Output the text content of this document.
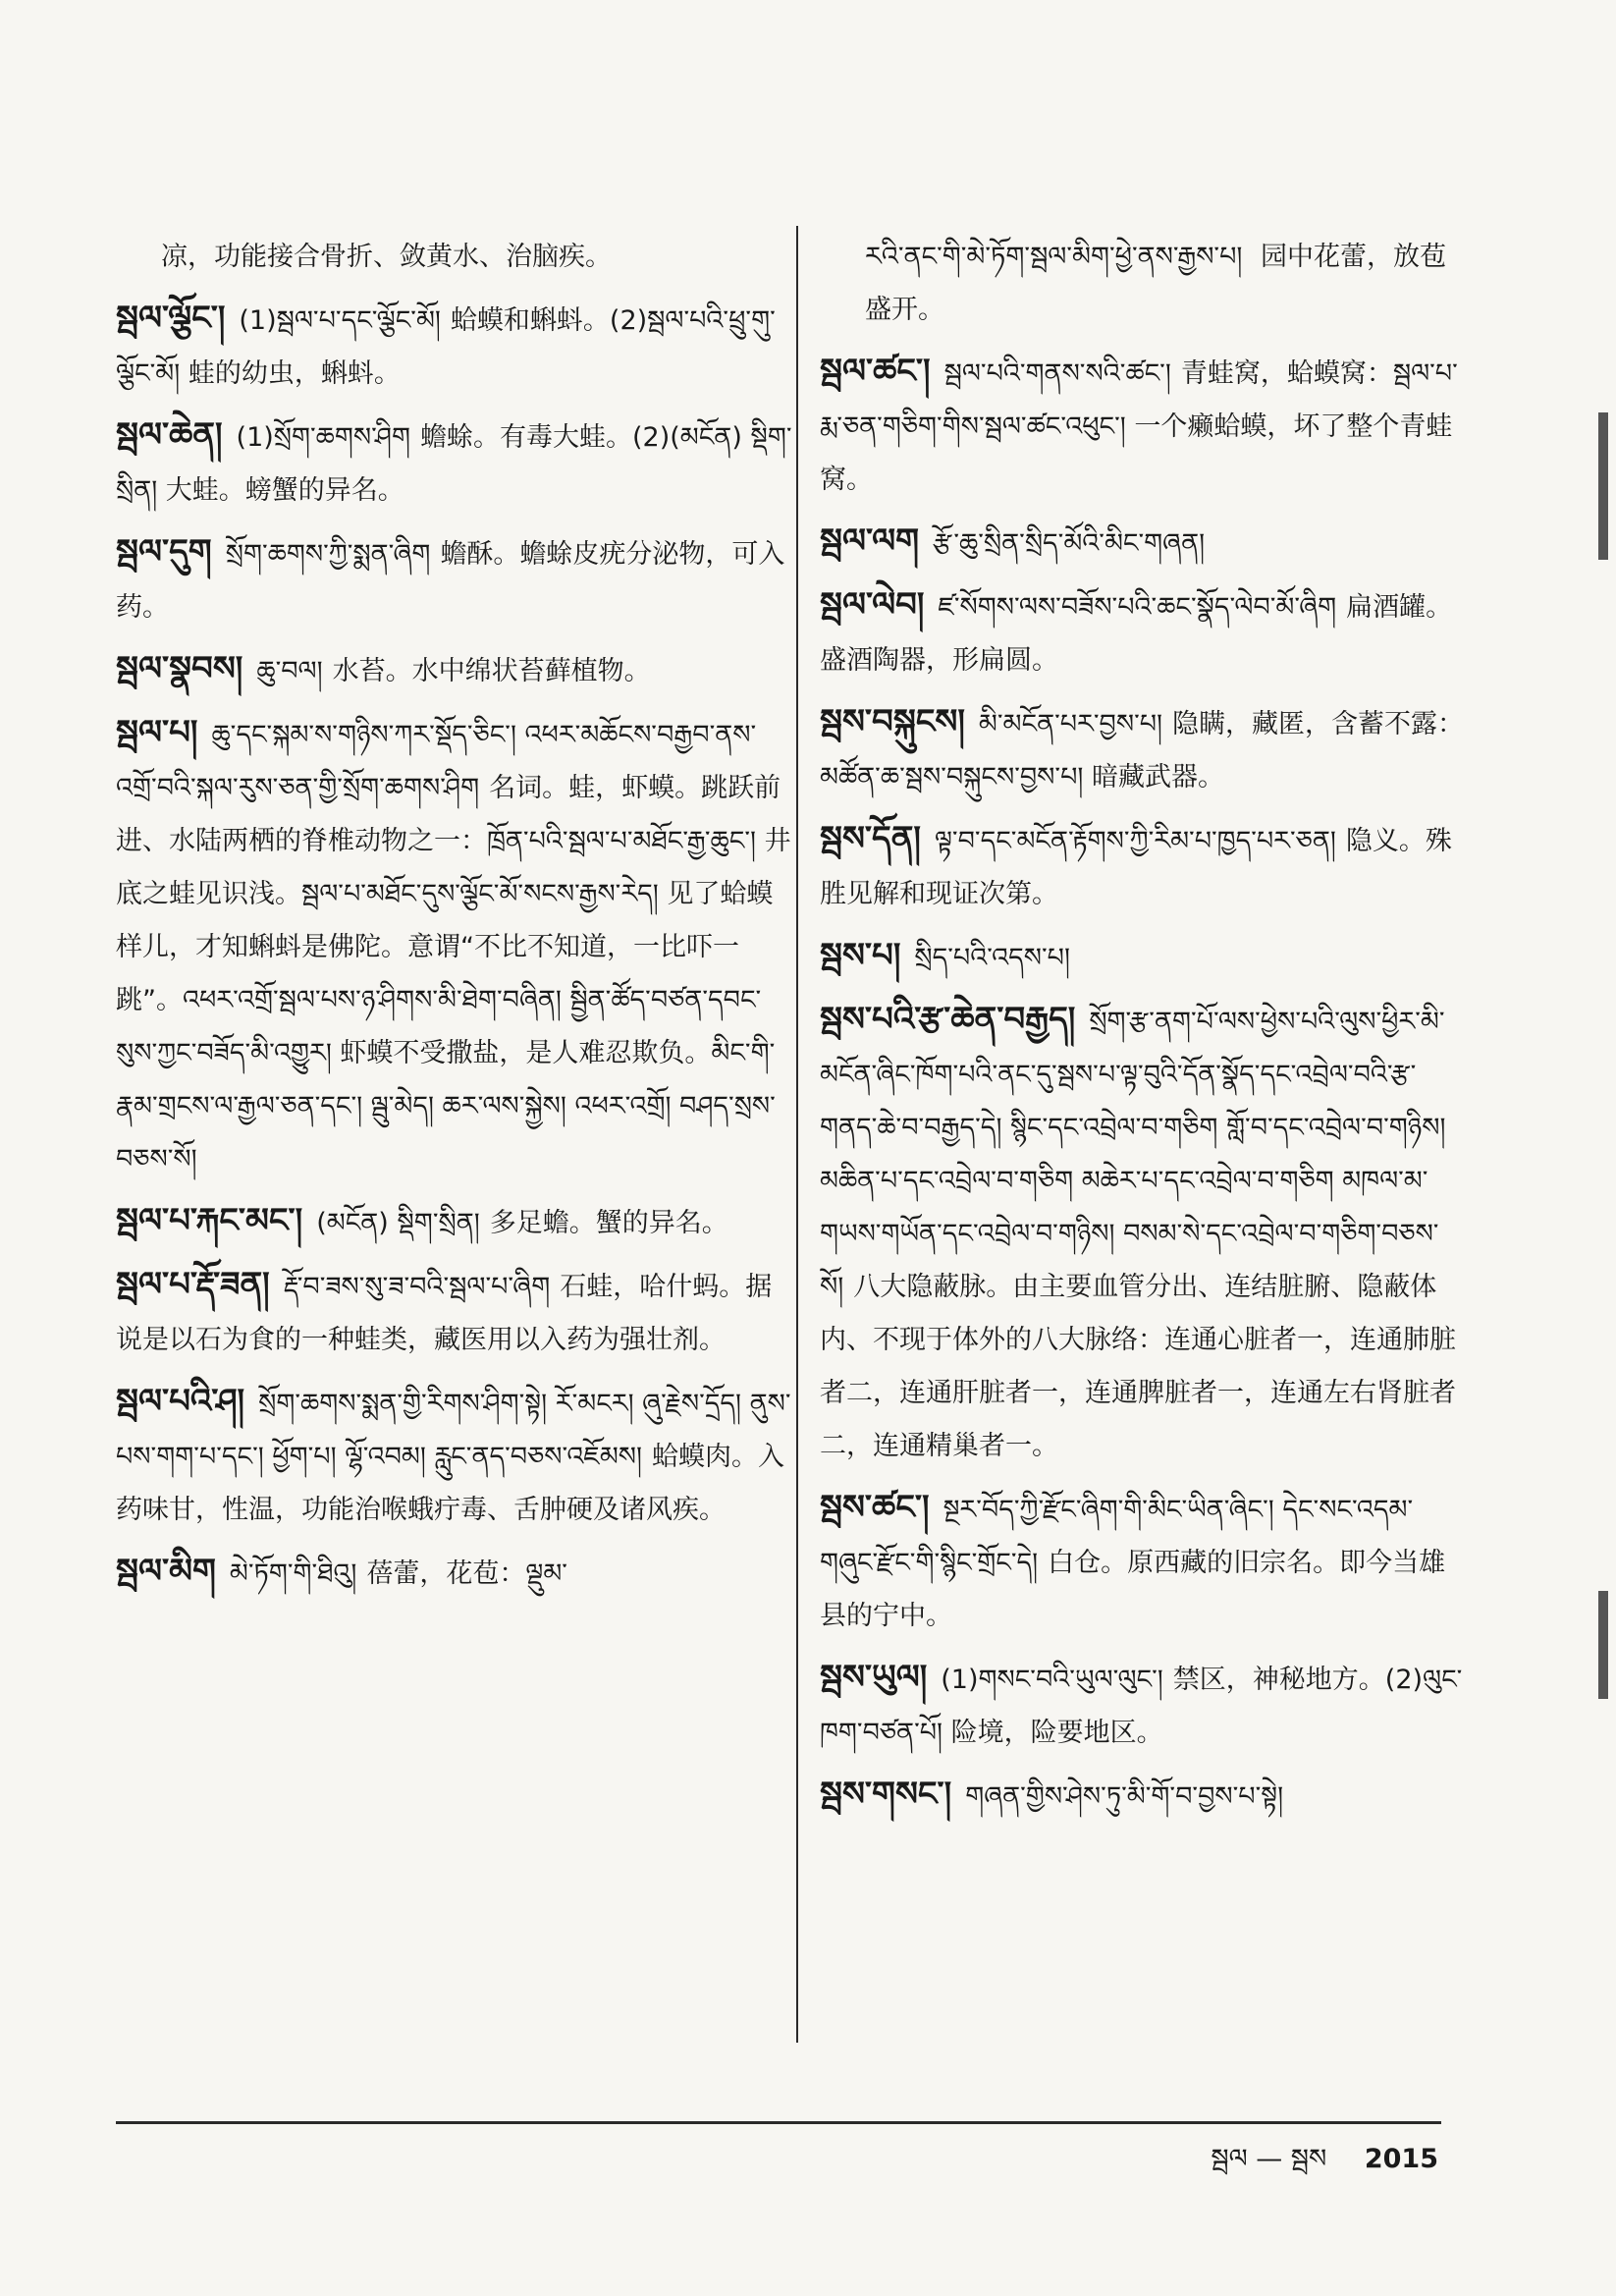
凉，功能接合骨折、敛黄水、治脑疾。
སྦལ་ལྕོང་། (1)སྦལ་པ་དང་ལྕོང་མོ། 蛤蟆和蝌蚪。(2)སྦལ་པའི་ཕྲུ་གུ་ལྕོང་མོ། 蛙的幼虫，蝌蚪。
སྦལ་ཆེན། (1)སྲོག་ཆགས་ཤིག 蟾蜍。有毒大蛙。(2)(མངོན) སྡིག་སྲིན། 大蛙。螃蟹的异名。
སྦལ་དུག སྲོག་ཆགས་ཀྱི་སྨན་ཞིག 蟾酥。蟾蜍皮疣分泌物，可入药。
སྦལ་སྣབས། ཆུ་བལ། 水苔。水中绵状苔藓植物。
སྦལ་པ། ཆུ་དང་སྐམ་ས་གཉིས་ཀར་སྡོད་ཅིང་། འཕར་མཆོངས་བརྒྱབ་ནས་འགྲོ་བའི་སྐལ་རུས་ཅན་གྱི་སྲོག་ཆགས་ཤིག 名词。蛙，虾蟆。跳跃前进、水陆两栖的脊椎动物之一：ཁྲོན་པའི་སྦལ་པ་མཐོང་རྒྱ་ཆུང་། 井底之蛙见识浅。སྦལ་པ་མཐོང་དུས་ལྕོང་མོ་སངས་རྒྱས་རེད། 见了蛤蟆样儿，才知蝌蚪是佛陀。意谓“不比不知道，一比吓一跳”。འཕར་འགྲོ་སྦལ་པས་ཉ་ཤིགས་མི་ཐེག་བཞིན། སྦྱིན་ཚོད་བཙན་དབང་སུས་ཀྱང་བཟོད་མི་འགྱུར། 虾蟆不受撒盐，是人难忍欺负。མིང་གི་རྣམ་གྲངས་ལ་རྒྱལ་ཅན་དང་། ལྦུ་མེད། ཆར་ལས་སྐྱེས། འཕར་འགྲོ། བཤད་སྲས་བཅས་སོ།
སྦལ་པ་རྐང་མང་། (མངོན) སྡིག་སྲིན། 多足蟾。蟹的异名。
སྦལ་པ་རྡོ་ཟན། རྡོ་བ་ཟས་སུ་ཟ་བའི་སྦལ་པ་ཞིག 石蛙，哈什蚂。据说是以石为食的一种蛙类，藏医用以入药为强壮剂。
སྦལ་པའི་ཤ། སྲོག་ཆགས་སྨན་གྱི་རིགས་ཤིག་སྟེ། རོ་མངར། ཞུ་རྗེས་དྲོད། ནུས་པས་གག་པ་དང་། ཕྱོག་པ། ལྷོ་འབམ། རླུང་ནད་བཅས་འཇོམས། 蛤蟆肉。入药味甘，性温，功能治喉蛾疔毒、舌肿硬及诸风疾。
སྦལ་མིག མེ་ཏོག་གི་ཐིའུ། 蓓蕾，花苞：ལྡུམ་
རའི་ནང་གི་མེ་ཏོག་སྦལ་མིག་ཕྱེ་ནས་རྒྱས་པ། 园中花蕾，放苞盛开。
སྦལ་ཚང་། སྦལ་པའི་གནས་སའི་ཚང་། 青蛙窝，蛤蟆窝：སྦལ་པ་རྨ་ཅན་གཅིག་གིས་སྦལ་ཚང་འཕུང་། 一个癞蛤蟆，坏了整个青蛙窝。
སྦལ་ལག རྩོ་ཆུ་སྲིན་སྲིད་མོའི་མིང་གཞན།
སྦལ་ལེབ། ཛ་སོགས་ལས་བཟོས་པའི་ཆང་སྣོད་ལེབ་མོ་ཞིག 扁酒罐。盛酒陶器，形扁圆。
སྦས་བསྐུངས། མི་མངོན་པར་བྱས་པ། 隐瞒，藏匿，含蓄不露：མཚོན་ཆ་སྦས་བསྐུངས་བྱས་པ། 暗藏武器。
སྦས་དོན། ལྟ་བ་དང་མངོན་རྟོགས་ཀྱི་རིམ་པ་ཁྱད་པར་ཅན། 隐义。殊胜见解和现证次第。
སྦས་པ། སྲིད་པའི་འདས་པ།
སྦས་པའི་རྩ་ཆེན་བརྒྱད། སྲོག་རྩ་ནག་པོ་ལས་ཕྱེས་པའི་ལུས་ཕྱིར་མི་མངོན་ཞིང་ཁོག་པའི་ནང་དུ་སྦས་པ་ལྟ་བུའི་དོན་སྣོད་དང་འབྲེལ་བའི་རྩ་གནད་ཆེ་བ་བརྒྱད་དེ། སྙིང་དང་འབྲེལ་བ་གཅིག གློ་བ་དང་འབྲེལ་བ་གཉིས། མཆིན་པ་དང་འབྲེལ་བ་གཅིག མཆེར་པ་དང་འབྲེལ་བ་གཅིག མཁལ་མ་གཡས་གཡོན་དང་འབྲེལ་བ་གཉིས། བསམ་སེ་དང་འབྲེལ་བ་གཅིག་བཅས་སོ། 八大隐蔽脉。由主要血管分出、连结脏腑、隐蔽体内、不现于体外的八大脉络：连通心脏者一，连通肺脏者二，连通肝脏者一，连通脾脏者一，连通左右肾脏者二，连通精巢者一。
སྦས་ཚང་། སྔར་བོད་ཀྱི་རྫོང་ཞིག་གི་མིང་ཡིན་ཞིང་། དེང་སང་འདམ་གཞུང་རྫོང་གི་སྙིང་གྲོང་དེ། 白仓。原西藏的旧宗名。即今当雄县的宁中。
སྦས་ཡུལ། (1)གསང་བའི་ཡུལ་ལུང་། 禁区，神秘地方。(2)ལུང་ཁག་བཙན་པོ། 险境，险要地区。
སྦས་གསང་། གཞན་གྱིས་ཤེས་ཏུ་མི་གོ་བ་བྱས་པ་སྟེ།
སྦལ — སྦས 2015
